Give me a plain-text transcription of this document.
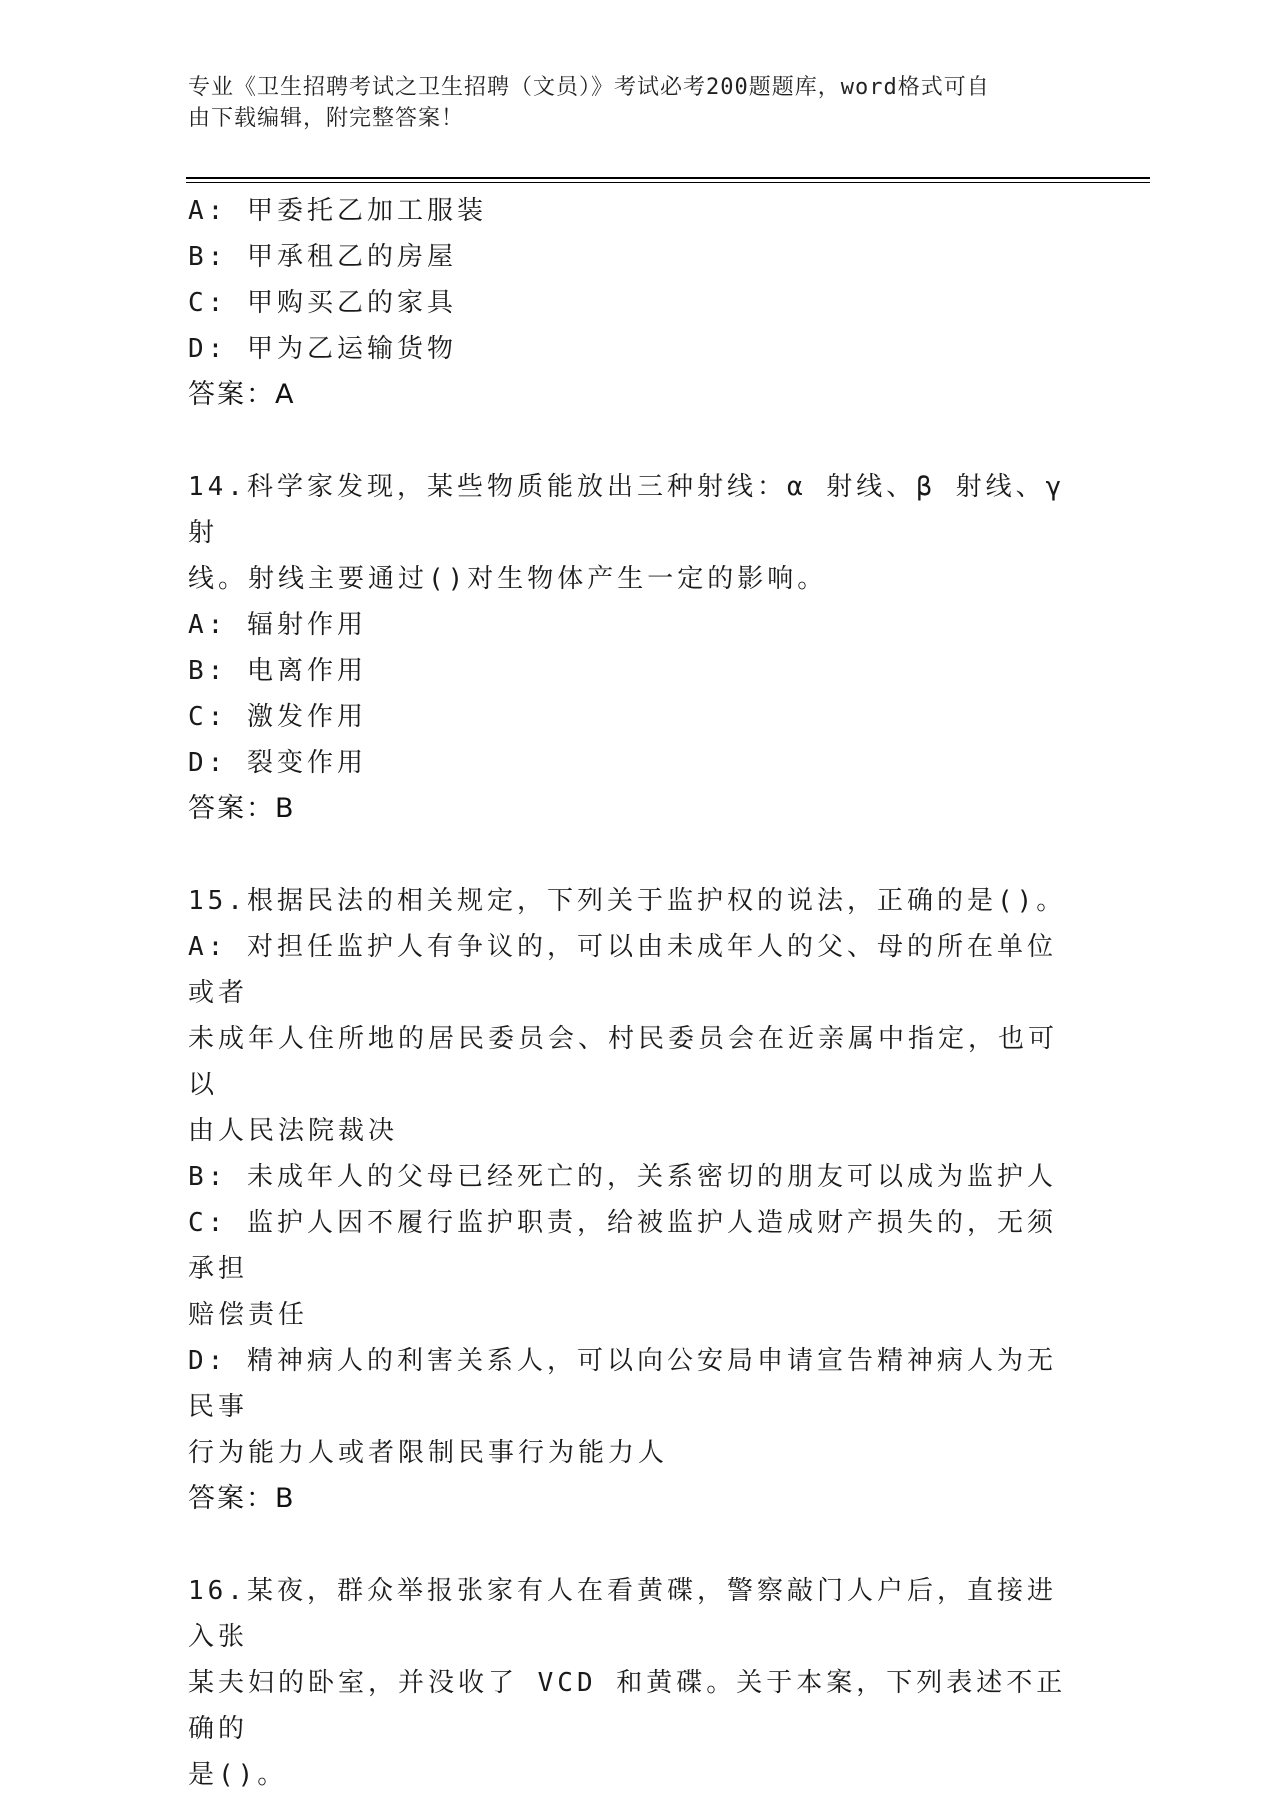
专业《卫生招聘考试之卫生招聘（文员）》考试必考200题题库，word格式可自
由下载编辑，附完整答案！
A: 甲委托乙加工服装
B: 甲承租乙的房屋
C: 甲购买乙的家具
D: 甲为乙运输货物
答案：A
14.科学家发现，某些物质能放出三种射线：α 射线、β 射线、γ 射
线。射线主要通过()对生物体产生一定的影响。
A: 辐射作用
B: 电离作用
C: 激发作用
D: 裂变作用
答案：B
15.根据民法的相关规定，下列关于监护权的说法，正确的是()。
A: 对担任监护人有争议的，可以由未成年人的父、母的所在单位或者
未成年人住所地的居民委员会、村民委员会在近亲属中指定，也可以
由人民法院裁决
B: 未成年人的父母已经死亡的，关系密切的朋友可以成为监护人
C: 监护人因不履行监护职责，给被监护人造成财产损失的，无须承担
赔偿责任
D: 精神病人的利害关系人，可以向公安局申请宣告精神病人为无民事
行为能力人或者限制民事行为能力人
答案：B
16.某夜，群众举报张家有人在看黄碟，警察敲门人户后，直接进入张
某夫妇的卧室，并没收了 VCD 和黄碟。关于本案，下列表述不正确的
是()。
